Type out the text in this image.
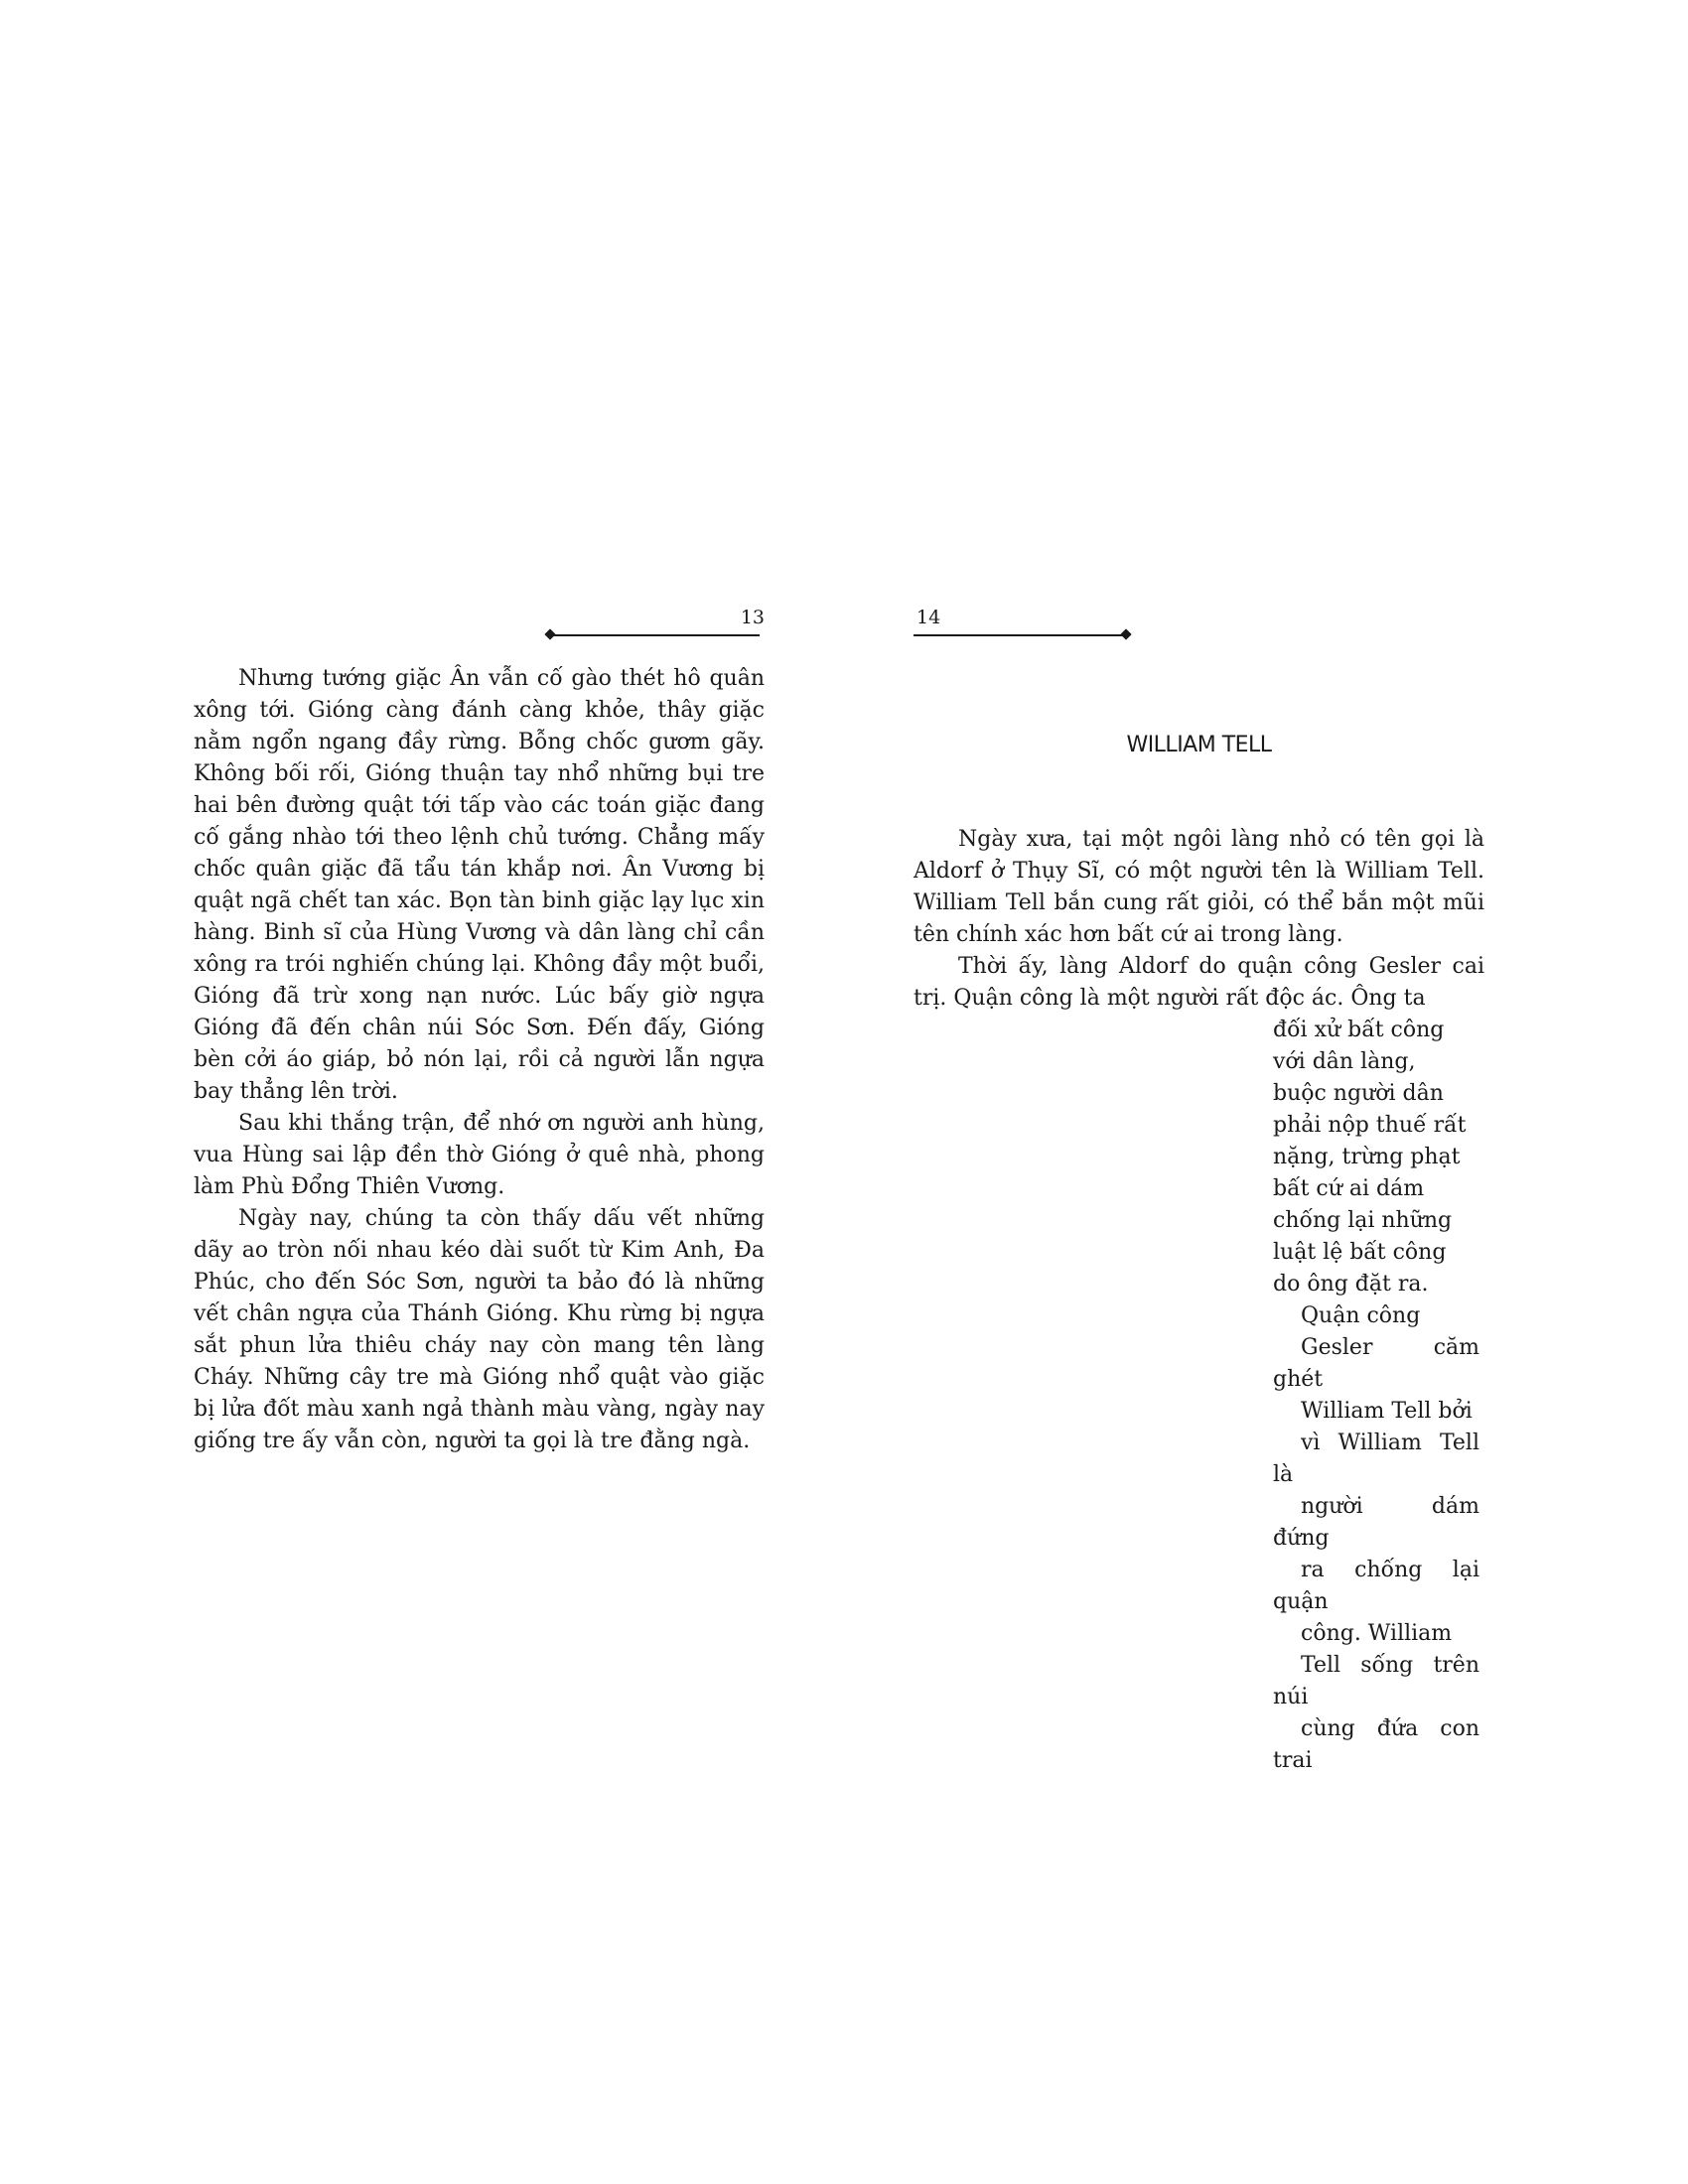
13

Nhưng tướng giặc Ân vẫn cố gào thét hô quân xông tới. Gióng càng đánh càng khỏe, thây giặc nằm ngổn ngang đầy rừng. Bỗng chốc gươm gãy. Không bối rối, Gióng thuận tay nhổ những bụi tre hai bên đường quật tới tấp vào các toán giặc đang cố gắng nhào tới theo lệnh chủ tướng. Chẳng mấy chốc quân giặc đã tẩu tán khắp nơi. Ân Vương bị quật ngã chết tan xác. Bọn tàn binh giặc lạy lục xin hàng. Binh sĩ của Hùng Vương và dân làng chỉ cần xông ra trói nghiến chúng lại. Không đầy một buổi, Gióng đã trừ xong nạn nước. Lúc bấy giờ ngựa Gióng đã đến chân núi Sóc Sơn. Đến đấy, Gióng bèn cởi áo giáp, bỏ nón lại, rồi cả người lẫn ngựa bay thẳng lên trời.

Sau khi thắng trận, để nhớ ơn người anh hùng, vua Hùng sai lập đền thờ Gióng ở quê nhà, phong làm Phù Đổng Thiên Vương.

Ngày nay, chúng ta còn thấy dấu vết những dãy ao tròn nối nhau kéo dài suốt từ Kim Anh, Đa Phúc, cho đến Sóc Sơn, người ta bảo đó là những vết chân ngựa của Thánh Gióng. Khu rừng bị ngựa sắt phun lửa thiêu cháy nay còn mang tên làng Cháy. Những cây tre mà Gióng nhổ quật vào giặc bị lửa đốt màu xanh ngả thành màu vàng, ngày nay giống tre ấy vẫn còn, người ta gọi là tre đằng ngà.

14
WILLIAM TELL

Ngày xưa, tại một ngôi làng nhỏ có tên gọi là Aldorf ở Thụy Sĩ, có một người tên là William Tell. William Tell bắn cung rất giỏi, có thể bắn một mũi tên chính xác hơn bất cứ ai trong làng.

Thời ấy, làng Aldorf do quận công Gesler cai trị. Quận công là một người rất độc ác. Ông ta

đối xử bất công
với dân làng,
buộc người dân
phải nộp thuế rất
nặng, trừng phạt
bất cứ ai dám
chống lại những
luật lệ bất công
do ông đặt ra.

Quận công
Gesler căm ghét
William Tell bởi
vì William Tell là
người dám đứng
ra chống lại quận
công. William
Tell sống trên núi
cùng đứa con trai
